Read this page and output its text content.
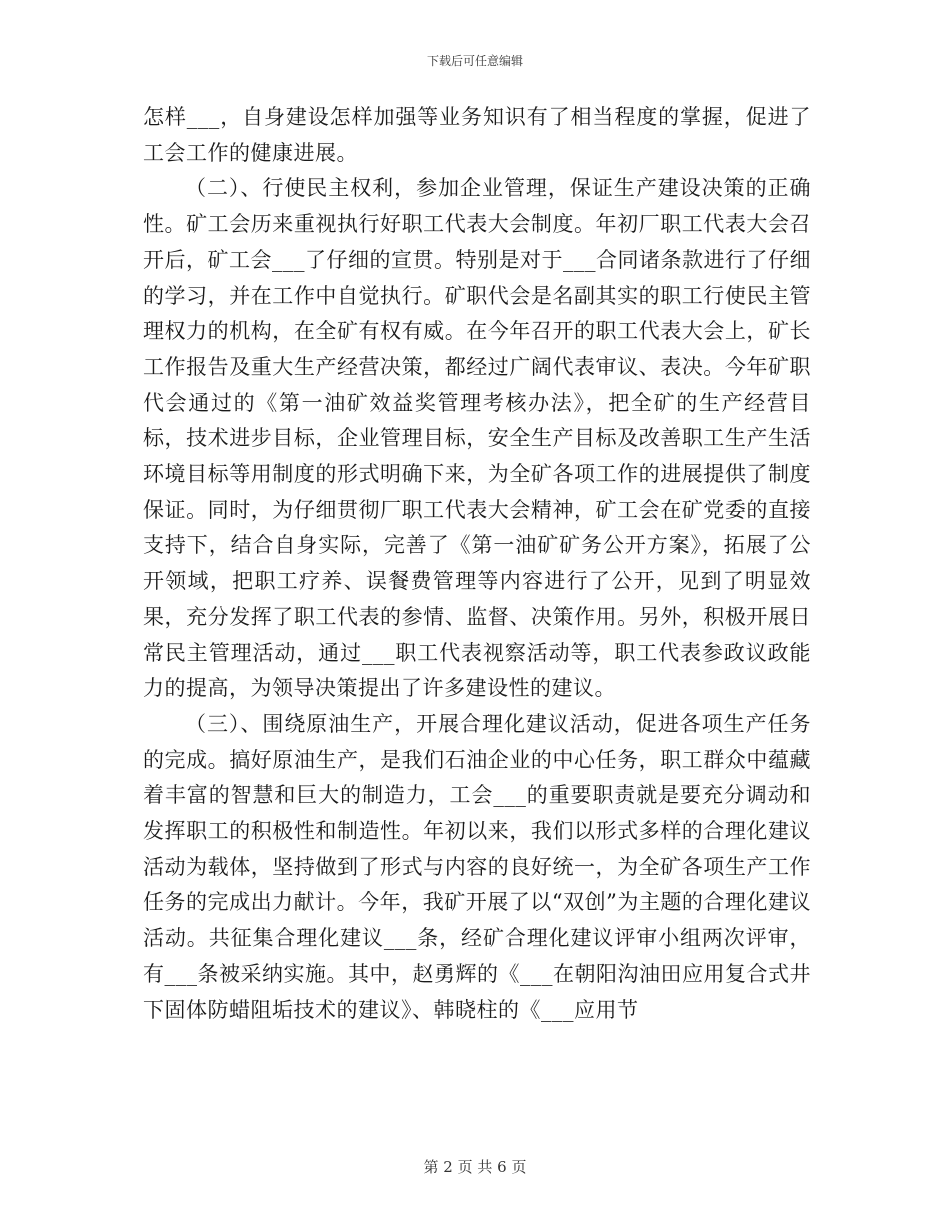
下载后可任意编辑

怎样___，自身建设怎样加强等业务知识有了相当程度的掌握，促进了工会工作的健康进展。

（二）、行使民主权利，参加企业管理，保证生产建设决策的正确性。矿工会历来重视执行好职工代表大会制度。年初厂职工代表大会召开后，矿工会___了仔细的宣贯。特别是对于___合同诸条款进行了仔细的学习，并在工作中自觉执行。矿职代会是名副其实的职工行使民主管理权力的机构，在全矿有权有威。在今年召开的职工代表大会上，矿长工作报告及重大生产经营决策，都经过广阔代表审议、表决。今年矿职代会通过的《第一油矿效益奖管理考核办法》，把全矿的生产经营目标，技术进步目标，企业管理目标，安全生产目标及改善职工生产生活环境目标等用制度的形式明确下来，为全矿各项工作的进展提供了制度保证。同时，为仔细贯彻厂职工代表大会精神，矿工会在矿党委的直接支持下，结合自身实际，完善了《第一油矿矿务公开方案》，拓展了公开领域，把职工疗养、误餐费管理等内容进行了公开，见到了明显效果，充分发挥了职工代表的参情、监督、决策作用。另外，积极开展日常民主管理活动，通过___职工代表视察活动等，职工代表参政议政能力的提高，为领导决策提出了许多建设性的建议。

（三）、围绕原油生产，开展合理化建议活动，促进各项生产任务的完成。搞好原油生产，是我们石油企业的中心任务，职工群众中蕴藏着丰富的智慧和巨大的制造力，工会___的重要职责就是要充分调动和发挥职工的积极性和制造性。年初以来，我们以形式多样的合理化建议活动为载体，坚持做到了形式与内容的良好统一，为全矿各项生产工作任务的完成出力献计。今年，我矿开展了以“双创”为主题的合理化建议活动。共征集合理化建议___条，经矿合理化建议评审小组两次评审，有___条被采纳实施。其中，赵勇辉的《___在朝阳沟油田应用复合式井下固体防蜡阻垢技术的建议》、韩晓柱的《___应用节

第 2 页 共 6 页
